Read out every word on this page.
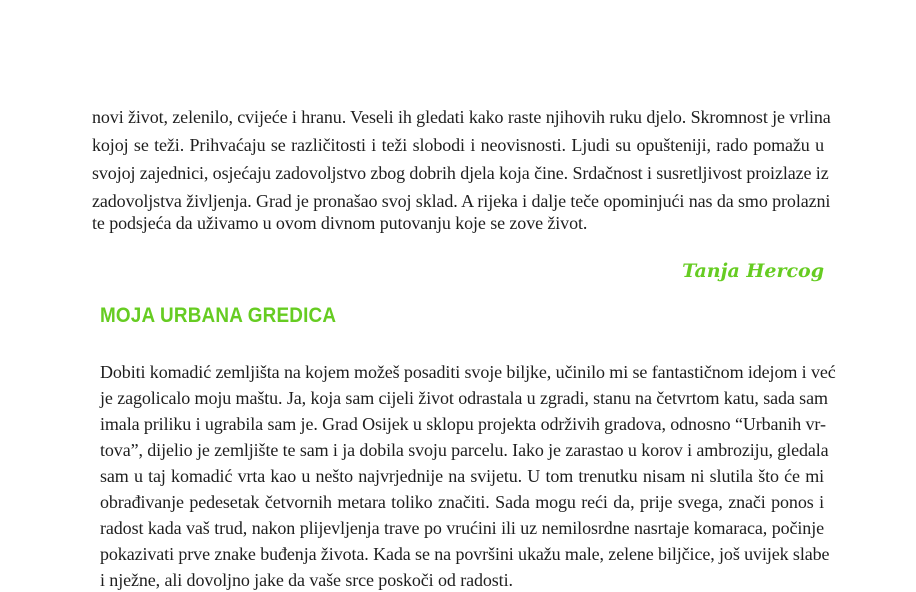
novi život, zelenilo, cvijeće i hranu. Veseli ih gledati kako raste njihovih ruku djelo. Skromnost je vrlina
kojoj se teži. Prihvaćaju se različitosti i teži slobodi i neovisnosti. Ljudi su opušteniji, rado pomažu u
svojoj zajednici, osjećaju zadovoljstvo zbog dobrih djela koja čine. Srdačnost i susretljivost proizlaze iz
zadovoljstva življenja. Grad je pronašao svoj sklad. A rijeka i dalje teče opominjući nas da smo prolazni
te podsjeća da uživamo u ovom divnom putovanju koje se zove život.
Tanja Hercog
MOJA URBANA GREDICA
Dobiti komadić zemljišta na kojem možeš posaditi svoje biljke, učinilo mi se fantastičnom idejom i već
je zagolicalo moju maštu. Ja, koja sam cijeli život odrastala u zgradi, stanu na četvrtom katu, sada sam
imala priliku i ugrabila sam je. Grad Osijek u sklopu projekta održivih gradova, odnosno “Urbanih vr-
tova”, dijelio je zemljište te sam i ja dobila svoju parcelu. Iako je zarastao u korov i ambroziju, gledala
sam u taj komadić vrta kao u nešto najvrjednije na svijetu. U tom trenutku nisam ni slutila što će mi
obrađivanje pedesetak četvornih metara toliko značiti. Sada mogu reći da, prije svega, znači ponos i
radost kada vaš trud, nakon plijevljenja trave po vrućini ili uz nemilosrdne nasrtaje komaraca, počinje
pokazivati prve znake buđenja života. Kada se na površini ukažu male, zelene biljčice, još uvijek slabe
i nježne, ali dovoljno jake da vaše srce poskoči od radosti.
